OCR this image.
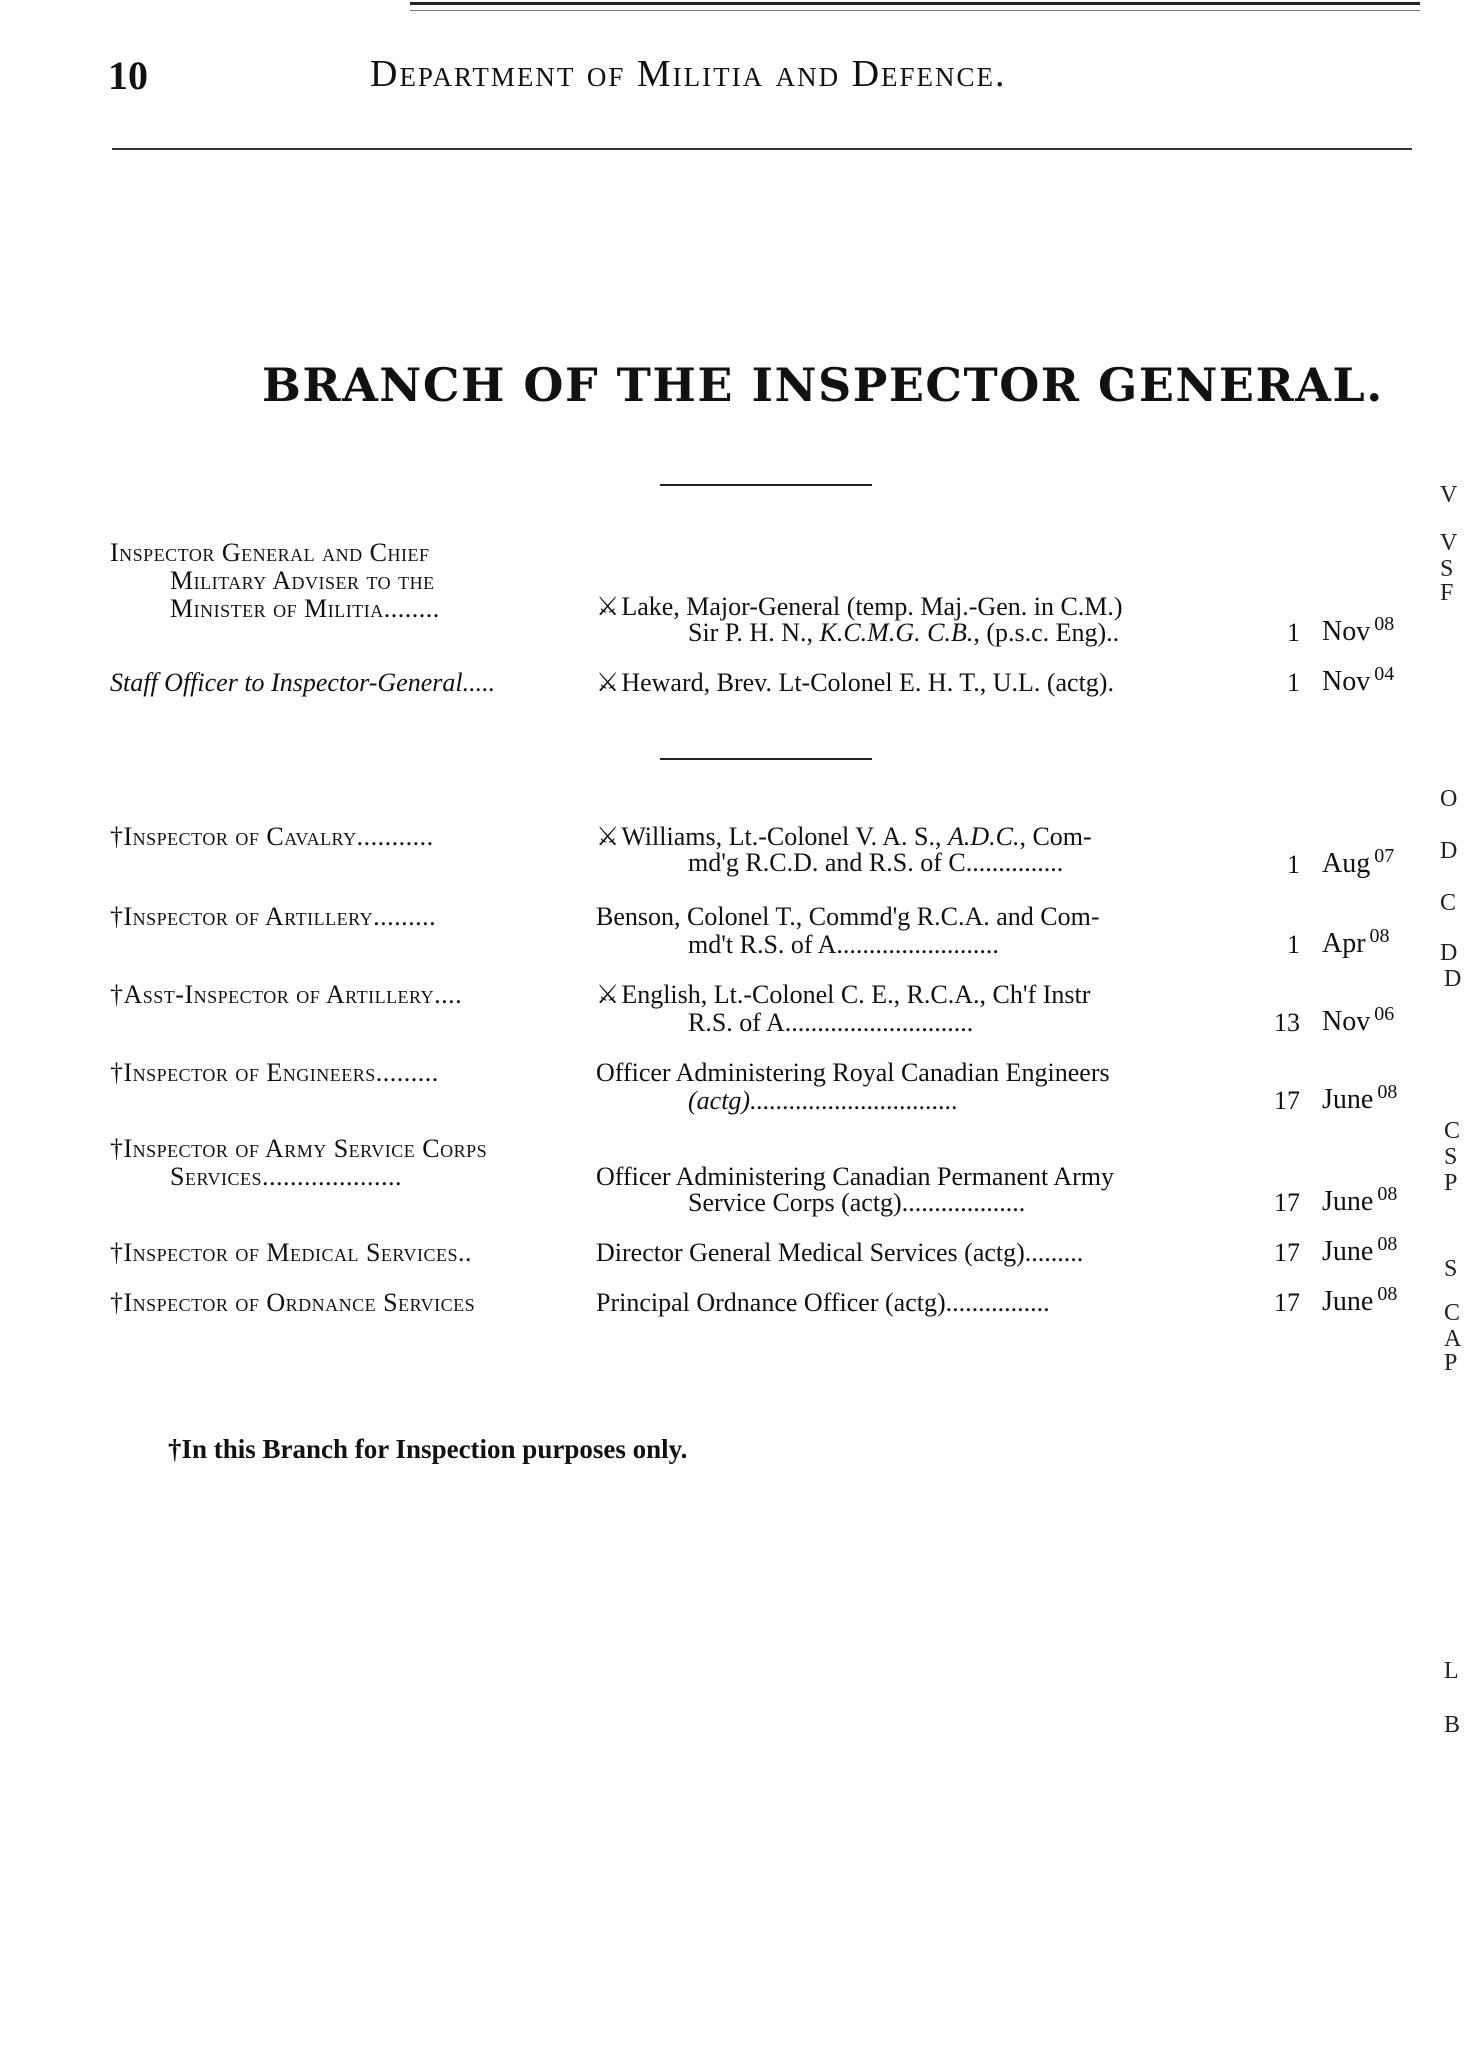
10	Department of Militia and Defence.
BRANCH OF THE INSPECTOR GENERAL.
Inspector General and Chief
Military Adviser to the
Minister of Militia........	⚔Lake, Major-General (temp. Maj.-Gen. in C.M.)
Sir P. H. N., K.C.M.G. C.B., (p.s.c. Eng)..	1 Nov $^{08}$
Staff Officer to Inspector-General.....	⚔Heward, Brev. Lt-Colonel E. H. T., U.L. (actg).	1 Nov $^{04}$
†Inspector of Cavalry...........	⚔Williams, Lt.-Colonel V. A. S., A.D.C., Com-
md'g R.C.D. and R.S. of C...............	1 Aug $^{07}$
†Inspector of Artillery.........	Benson, Colonel T., Commd'g R.C.A. and Com-
md't R.S. of A.........................	1 Apr $^{08}$
†Asst-Inspector of Artillery....	⚔English, Lt.-Colonel C. E., R.C.A., Ch'f Instr
R.S. of A.............................	13 Nov $^{06}$
†Inspector of Engineers.........	Officer Administering Royal Canadian Engineers
(actg)................................	17 June $^{08}$
†Inspector of Army Service Corps
Services....................	Officer Administering Canadian Permanent Army
Service Corps (actg)...................	17 June $^{08}$
†Inspector of Medical Services..	Director General Medical Services (actg).........	17 June $^{08}$
†Inspector of Ordnance Services	Principal Ordnance Officer (actg)................	17 June $^{08}$
†In this Branch for Inspection purposes only.
V
V
S
F
O
D
C
D
D
C
S
P
S
C
A
P
L
B
